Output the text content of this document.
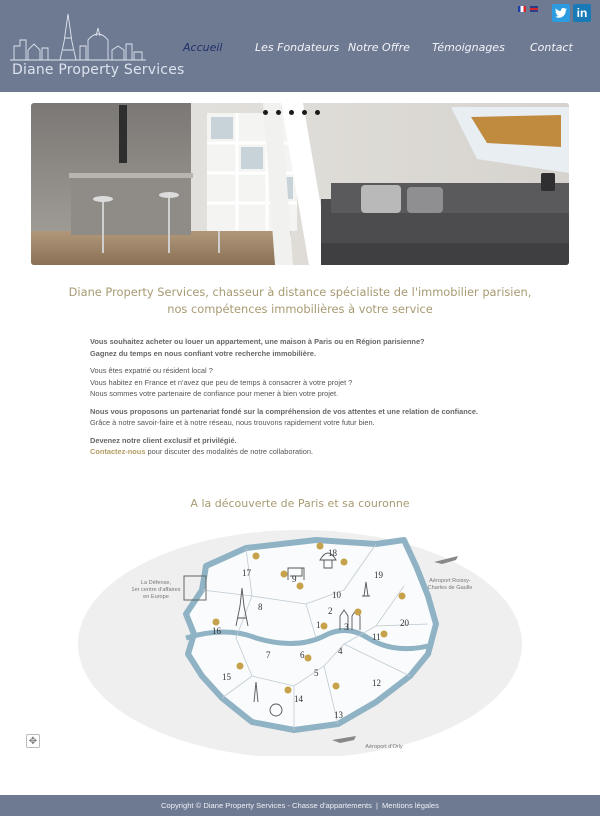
Diane Property Services
in
Accueil	Les Fondateurs Notre Offre Témoignages Contact
Diane Property Services, chasseur à distance spécialiste de l'immobilier parisien,
nos compétences immobilières à votre service

Vous souhaitez acheter ou louer un appartement, une maison à Paris ou en Région parisienne?
Gagnez du temps en nous confiant votre recherche immobilière.

Vous êtes expatrié ou résident local ?
Vous habitez en France et n'avez que peu de temps à consacrer à votre projet ?
Nous sommes votre partenaire de confiance pour mener à bien votre projet.

Nous vous proposons un partenariat fondé sur la compréhension de vos attentes et une relation de confiance.
Grâce à notre savoir-faire et à notre réseau, nous trouvons rapidement votre futur bien.

Devenez notre client exclusif et privilégié.
Contactez-nous pour discuter des modalités de notre collaboration.

A la découverte de Paris et sa couronne
1
2
3
4
5
6
7
8
9
10
11
12
13
14
15
16
17
18
19
20
La Défense,
1er centre d'affaires
en Europe
Aéroport Roissy-
Charles de Gaulle
Aéroport d'Orly
✥
Copyright © Diane Property Services - Chasse d'appartements | Mentions légales
